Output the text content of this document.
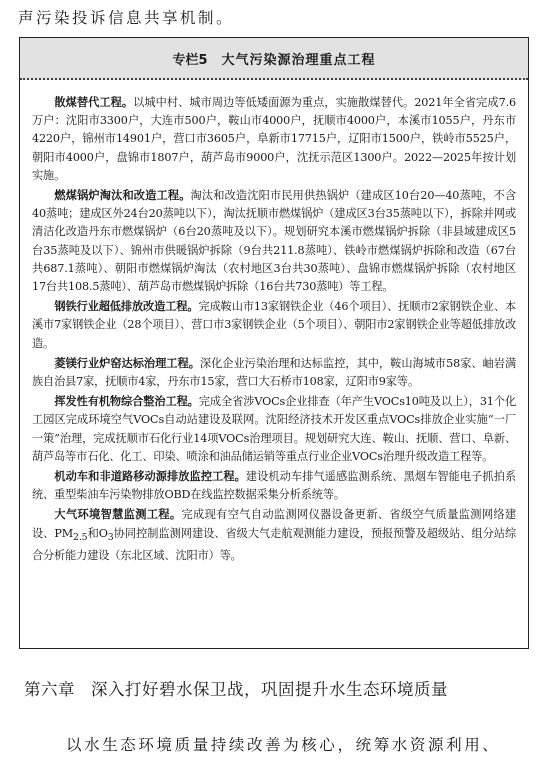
声污染投诉信息共享机制。
专栏5 大气污染源治理重点工程

散煤替代工程。以城中村、城市周边等低矮面源为重点，实施散煤替代。2021年全省完成7.6万户：沈阳市3300户，大连市500户，鞍山市4000户，抚顺市4000户，本溪市1055户，丹东市4220户，锦州市14901户，营口市3605户，阜新市17715户，辽阳市1500户，铁岭市5525户，朝阳市4000户，盘锦市1807户，葫芦岛市9000户，沈抚示范区1300户。2022—2025年按计划实施。

燃煤锅炉淘汰和改造工程。淘汰和改造沈阳市民用供热锅炉（建成区10台20—40蒸吨，不含40蒸吨；建成区外24台20蒸吨以下），淘汰抚顺市燃煤锅炉（建成区3台35蒸吨以下），拆除并网或清洁化改造丹东市燃煤锅炉（6台20蒸吨及以下）。规划研究本溪市燃煤锅炉拆除（非县域建成区5台35蒸吨及以下）、锦州市供暖锅炉拆除（9台共211.8蒸吨）、铁岭市燃煤锅炉拆除和改造（67台共687.1蒸吨）、朝阳市燃煤锅炉淘汰（农村地区3台共30蒸吨）、盘锦市燃煤锅炉拆除（农村地区17台共108.5蒸吨）、葫芦岛市燃煤锅炉拆除（16台共730蒸吨）等工程。

钢铁行业超低排放改造工程。完成鞍山市13家钢铁企业（46个项目）、抚顺市2家钢铁企业、本溪市7家钢铁企业（28个项目）、营口市3家钢铁企业（5个项目）、朝阳市2家钢铁企业等超低排放改造。

菱镁行业炉窑达标治理工程。深化企业污染治理和达标监控，其中，鞍山海城市58家、岫岩满族自治县7家，抚顺市4家，丹东市15家，营口大石桥市108家，辽阳市9家等。

挥发性有机物综合整治工程。完成全省涉VOCs企业排查（年产生VOCs10吨及以上），31个化工园区完成环境空气VOCs自动站建设及联网。沈阳经济技术开发区重点VOCs排放企业实施“一厂一策”治理，完成抚顺市石化行业14项VOCs治理项目。规划研究大连、鞍山、抚顺、营口、阜新、葫芦岛等市石化、化工、印染、喷涂和油品储运销等重点行业企业VOCs治理升级改造工程等。

机动车和非道路移动源排放监控工程。建设机动车排气遥感监测系统、黑烟车智能电子抓拍系统、重型柴油车污染物排放OBD在线监控数据采集分析系统等。

大气环境智慧监测工程。完成现有空气自动监测网仪器设备更新、省级空气质量监测网络建设、$PM_{2.5}$和$O_3$协同控制监测网建设、省级大气走航观测能力建设，预报预警及超级站、组分站综合分析能力建设（东北区域、沈阳市）等。

第六章 深入打好碧水保卫战，巩固提升水生态环境质量
以水生态环境质量持续改善为核心，统筹水资源利用、
